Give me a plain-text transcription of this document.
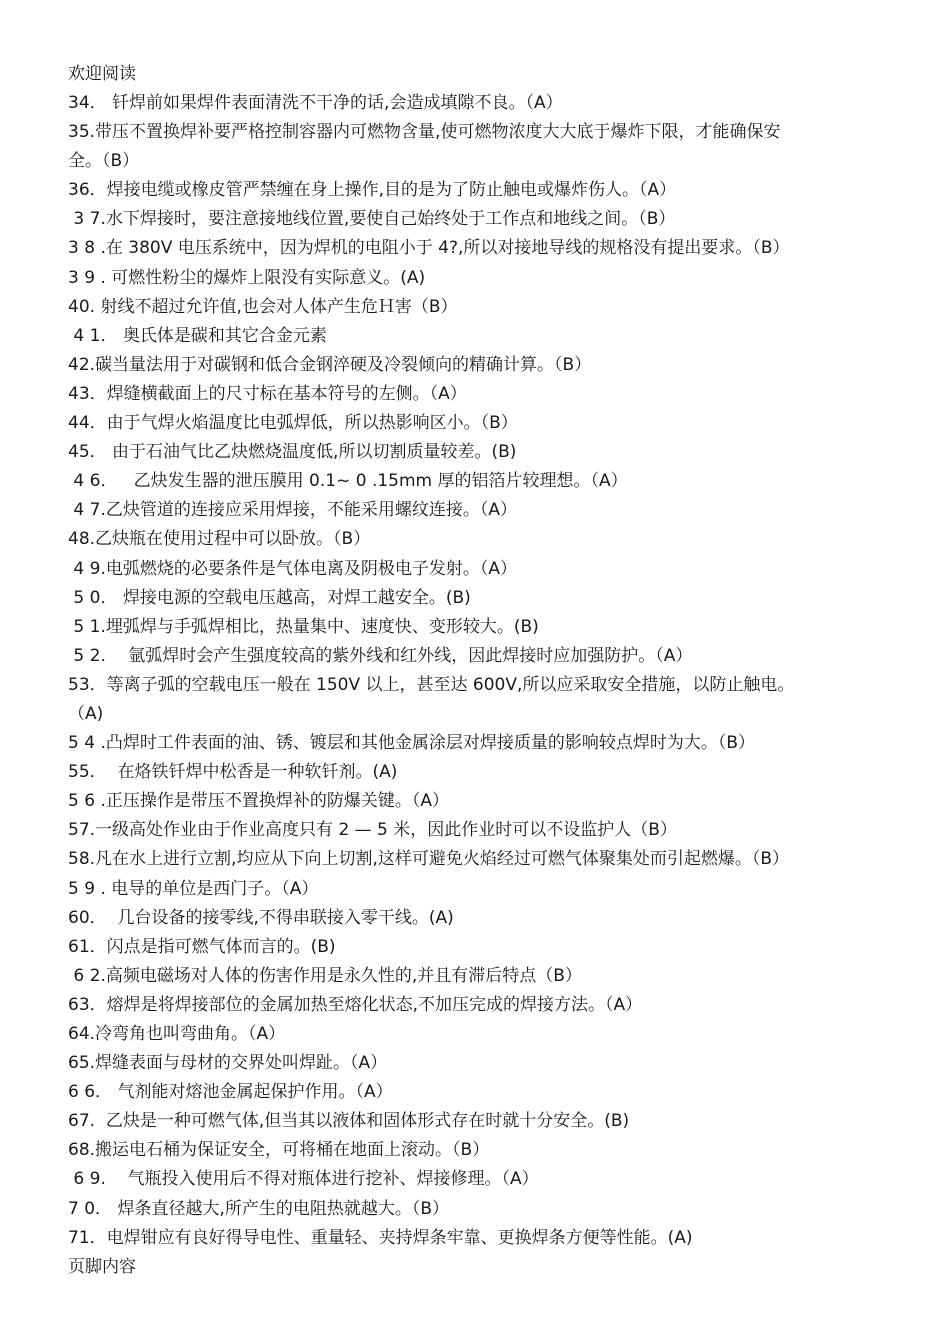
欢迎阅读
34． 钎焊前如果焊件表面清洗不干净的话,会造成填隙不良。（A）
35.带压不置换焊补要严格控制容器内可燃物含量,使可燃物浓度大大底于爆炸下限，才能确保安
全。（B）
36．焊接电缆或橡皮管严禁缠在身上操作,目的是为了防止触电或爆炸伤人。（A）
3 7.水下焊接时，要注意接地线位置,要使自己始终处于工作点和地线之间。（B）
3 8 .在 380V 电压系统中，因为焊机的电阻小于 4?,所以对接地导线的规格没有提出要求。（B）
3 9 . 可燃性粉尘的爆炸上限没有实际意义。(A)
40. 射线不超过允许值,也会对人体产生危Ｈ害（B）
4 1． 奥氏体是碳和其它合金元素
42.碳当量法用于对碳钢和低合金钢淬硬及冷裂倾向的精确计算。（B）
43．焊缝横截面上的尺寸标在基本符号的左侧。（A）
44．由于气焊火焰温度比电弧焊低，所以热影响区小。（B）
45． 由于石油气比乙炔燃烧温度低,所以切割质量较差。(B)
4 6．   乙炔发生器的泄压膜用 0.1~ 0 .15mm 厚的铝箔片较理想。（A）
4 7.乙炔管道的连接应采用焊接，不能采用螺纹连接。（A）
48.乙炔瓶在使用过程中可以卧放。（B）
4 9.电弧燃烧的必要条件是气体电离及阴极电子发射。（A）
5 0． 焊接电源的空载电压越高，对焊工越安全。(B)
5 1.埋弧焊与手弧焊相比，热量集中、速度快、变形较大。(B)
5 2．  氩弧焊时会产生强度较高的紫外线和红外线，因此焊接时应加强防护。（A）
53．等离子弧的空载电压一般在 150V 以上，甚至达 600V,所以应采取安全措施，以防止触电。
（A)
5 4 .凸焊时工件表面的油、锈、镀层和其他金属涂层对焊接质量的影响较点焊时为大。（B）
55．  在烙铁钎焊中松香是一种软钎剂。(A)
5 6 .正压操作是带压不置换焊补的防爆关键。（A）
57.一级高处作业由于作业高度只有 2 — 5 米，因此作业时可以不设监护人（B）
58.凡在水上进行立割,均应从下向上切割,这样可避免火焰经过可燃气体聚集处而引起燃爆。（B）
5 9 . 电导的单位是西门子。（A）
60．  几台设备的接零线,不得串联接入零干线。(A)
61．闪点是指可燃气体而言的。(B)
6 2.高频电磁场对人体的伤害作用是永久性的,并且有滞后特点（B）
63．熔焊是将焊接部位的金属加热至熔化状态,不加压完成的焊接方法。（A）
64.冷弯角也叫弯曲角。（A）
65.焊缝表面与母材的交界处叫焊趾。（A）
6 6． 气剂能对熔池金属起保护作用。（A）
67.  乙炔是一种可燃气体,但当其以液体和固体形式存在时就十分安全。(B)
68.搬运电石桶为保证安全，可将桶在地面上滚动。（B）
6 9.    气瓶投入使用后不得对瓶体进行挖补、焊接修理。（A）
7 0． 焊条直径越大,所产生的电阻热就越大。（B）
71．电焊钳应有良好得导电性、重量轻、夹持焊条牢靠、更换焊条方便等性能。(A)
页脚内容
